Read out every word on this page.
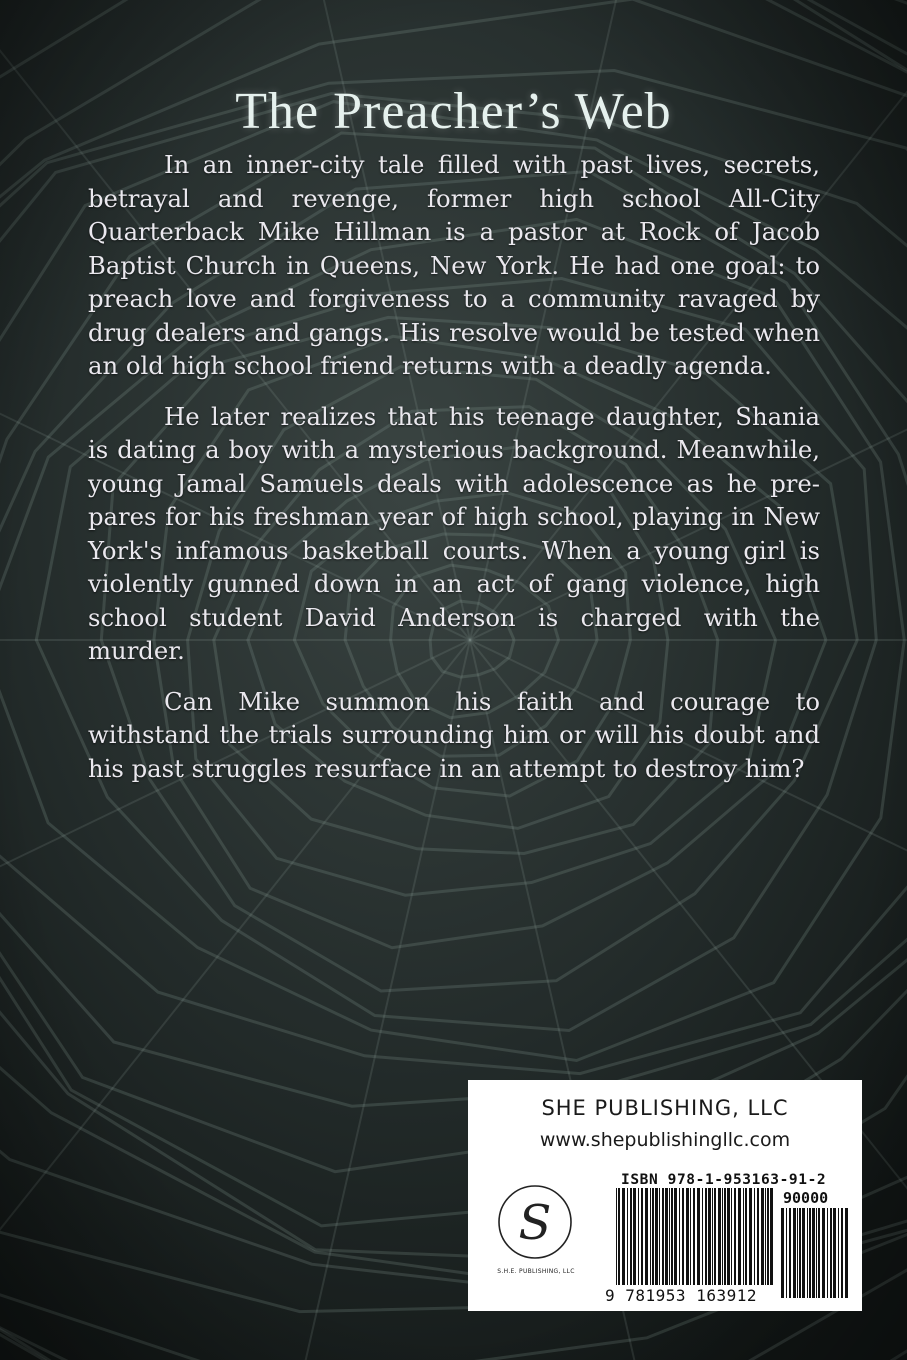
The Preacher’s Web

In an inner-city tale filled with past lives, secrets, betrayal and revenge, former high school All-City Quarterback Mike Hillman is a pastor at Rock of Jacob Baptist Church in Queens, New York. He had one goal: to preach love and forgiveness to a community ravaged by drug dealers and gangs. His resolve would be tested when an old high school friend returns with a deadly agenda.

He later realizes that his teenage daughter, Shania is dating a boy with a mysterious background. Meanwhile, young Jamal Samuels deals with adolescence as he pre-pares for his freshman year of high school, playing in New York's infamous basketball courts. When a young girl is violently gunned down in an act of gang violence, high school student David Anderson is charged with the murder.

Can Mike summon his faith and courage to withstand the trials surrounding him or will his doubt and his past struggles resurface in an attempt to destroy him?

SHE PUBLISHING, LLC
www.shepublishingllc.com
S
S.H.E. PUBLISHING, LLC
ISBN 978-1-953163-91-2
90000
9 781953 163912
